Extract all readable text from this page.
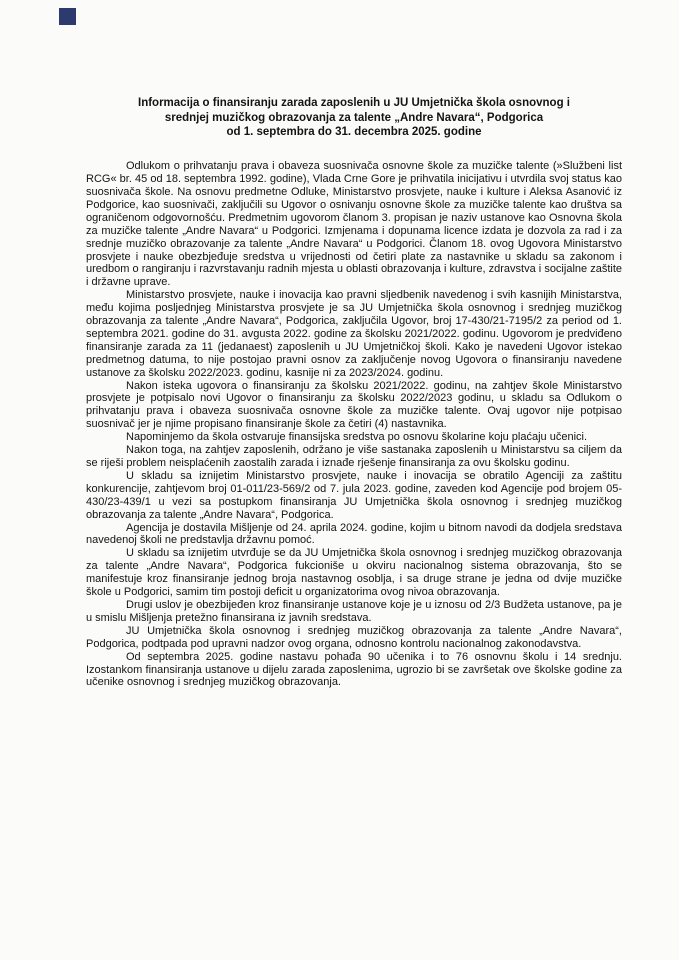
Informacija o finansiranju zarada zaposlenih u JU Umjetnička škola osnovnog i
srednjej muzičkog obrazovanja za talente „Andre Navara“, Podgorica
od 1. septembra do 31. decembra 2025. godine

Odlukom o prihvatanju prava i obaveza suosnivača osnovne škole za muzičke talente (»Službeni list RCG« br. 45 od 18. septembra 1992. godine), Vlada Crne Gore je prihvatila inicijativu i utvrdila svoj status kao suosnivača škole. Na osnovu predmetne Odluke, Ministarstvo prosvjete, nauke i kulture i Aleksa Asanović iz Podgorice, kao suosnivači, zaključili su Ugovor o osnivanju osnovne škole za muzičke talente kao društva sa ograničenom odgovornošću. Predmetnim ugovorom članom 3. propisan je naziv ustanove kao Osnovna škola za muzičke talente „Andre Navara“ u Podgorici. Izmjenama i dopunama licence izdata je dozvola za rad i za srednje muzičko obrazovanje za talente „Andre Navara“ u Podgorici. Članom 18. ovog Ugovora Ministarstvo prosvjete i nauke obezbjeđuje sredstva u vrijednosti od četiri plate za nastavnike u skladu sa zakonom i uredbom o rangiranju i razvrstavanju radnih mjesta u oblasti obrazovanja i kulture, zdravstva i socijalne zaštite i državne uprave.

Ministarstvo prosvjete, nauke i inovacija kao pravni sljedbenik navedenog i svih kasnijih Ministarstva, među kojima posljednjeg Ministarstva prosvjete je sa JU Umjetnička škola osnovnog i srednjeg muzičkog obrazovanja za talente „Andre Navara“, Podgorica, zaključila Ugovor, broj 17-430/21-7195/2 za period od 1. septembra 2021. godine do 31. avgusta 2022. godine za školsku 2021/2022. godinu. Ugovorom je predviđeno finansiranje zarada za 11 (jedanaest) zaposlenih u JU Umjetničkoj školi. Kako je navedeni Ugovor istekao predmetnog datuma, to nije postojao pravni osnov za zaključenje novog Ugovora o finansiranju navedene ustanove za školsku 2022/2023. godinu, kasnije ni za 2023/2024. godinu.

Nakon isteka ugovora o finansiranju za školsku 2021/2022. godinu, na zahtjev škole Ministarstvo prosvjete je potpisalo novi Ugovor o finansiranju za školsku 2022/2023 godinu, u skladu sa Odlukom o prihvatanju prava i obaveza suosnivača osnovne škole za muzičke talente. Ovaj ugovor nije potpisao suosnivač jer je njime propisano finansiranje škole za četiri (4) nastavnika.

Napominjemo da škola ostvaruje finansijska sredstva po osnovu školarine koju plaćaju učenici.

Nakon toga, na zahtjev zaposlenih, održano je više sastanaka zaposlenih u Ministarstvu sa ciljem da se riješi problem neisplaćenih zaostalih zarada i iznađe rješenje finansiranja za ovu školsku godinu.

U skladu sa iznijetim Ministarstvo prosvjete, nauke i inovacija se obratilo Agenciji za zaštitu konkurencije, zahtjevom broj 01-011/23-569/2 od 7. jula 2023. godine, zaveden kod Agencije pod brojem 05-430/23-439/1 u vezi sa postupkom finansiranja JU Umjetnička škola osnovnog i srednjeg muzičkog obrazovanja za talente „Andre Navara“, Podgorica.

Agencija je dostavila Mišljenje od 24. aprila 2024. godine, kojim u bitnom navodi da dodjela sredstava navedenoj školi ne predstavlja državnu pomoć.

U skladu sa iznijetim utvrđuje se da JU Umjetnička škola osnovnog i srednjeg muzičkog obrazovanja za talente „Andre Navara“, Podgorica fukcioniše u okviru nacionalnog sistema obrazovanja, što se manifestuje kroz finansiranje jednog broja nastavnog osoblja, i sa druge strane je jedna od dvije muzičke škole u Podgorici, samim tim postoji deficit u organizatorima ovog nivoa obrazovanja.

Drugi uslov je obezbijeđen kroz finansiranje ustanove koje je u iznosu od 2/3 Budžeta ustanove, pa je u smislu Mišljenja pretežno finansirana iz javnih sredstava.

JU Umjetnička škola osnovnog i srednjeg muzičkog obrazovanja za talente „Andre Navara“, Podgorica, podtpada pod upravni nadzor ovog organa, odnosno kontrolu nacionalnog zakonodavstva.

Od septembra 2025. godine nastavu pohađa 90 učenika i to 76 osnovnu školu i 14 srednju. Izostankom finansiranja ustanove u dijelu zarada zaposlenima, ugrozio bi se završetak ove školske godine za učenike osnovnog i srednjeg muzičkog obrazovanja.
